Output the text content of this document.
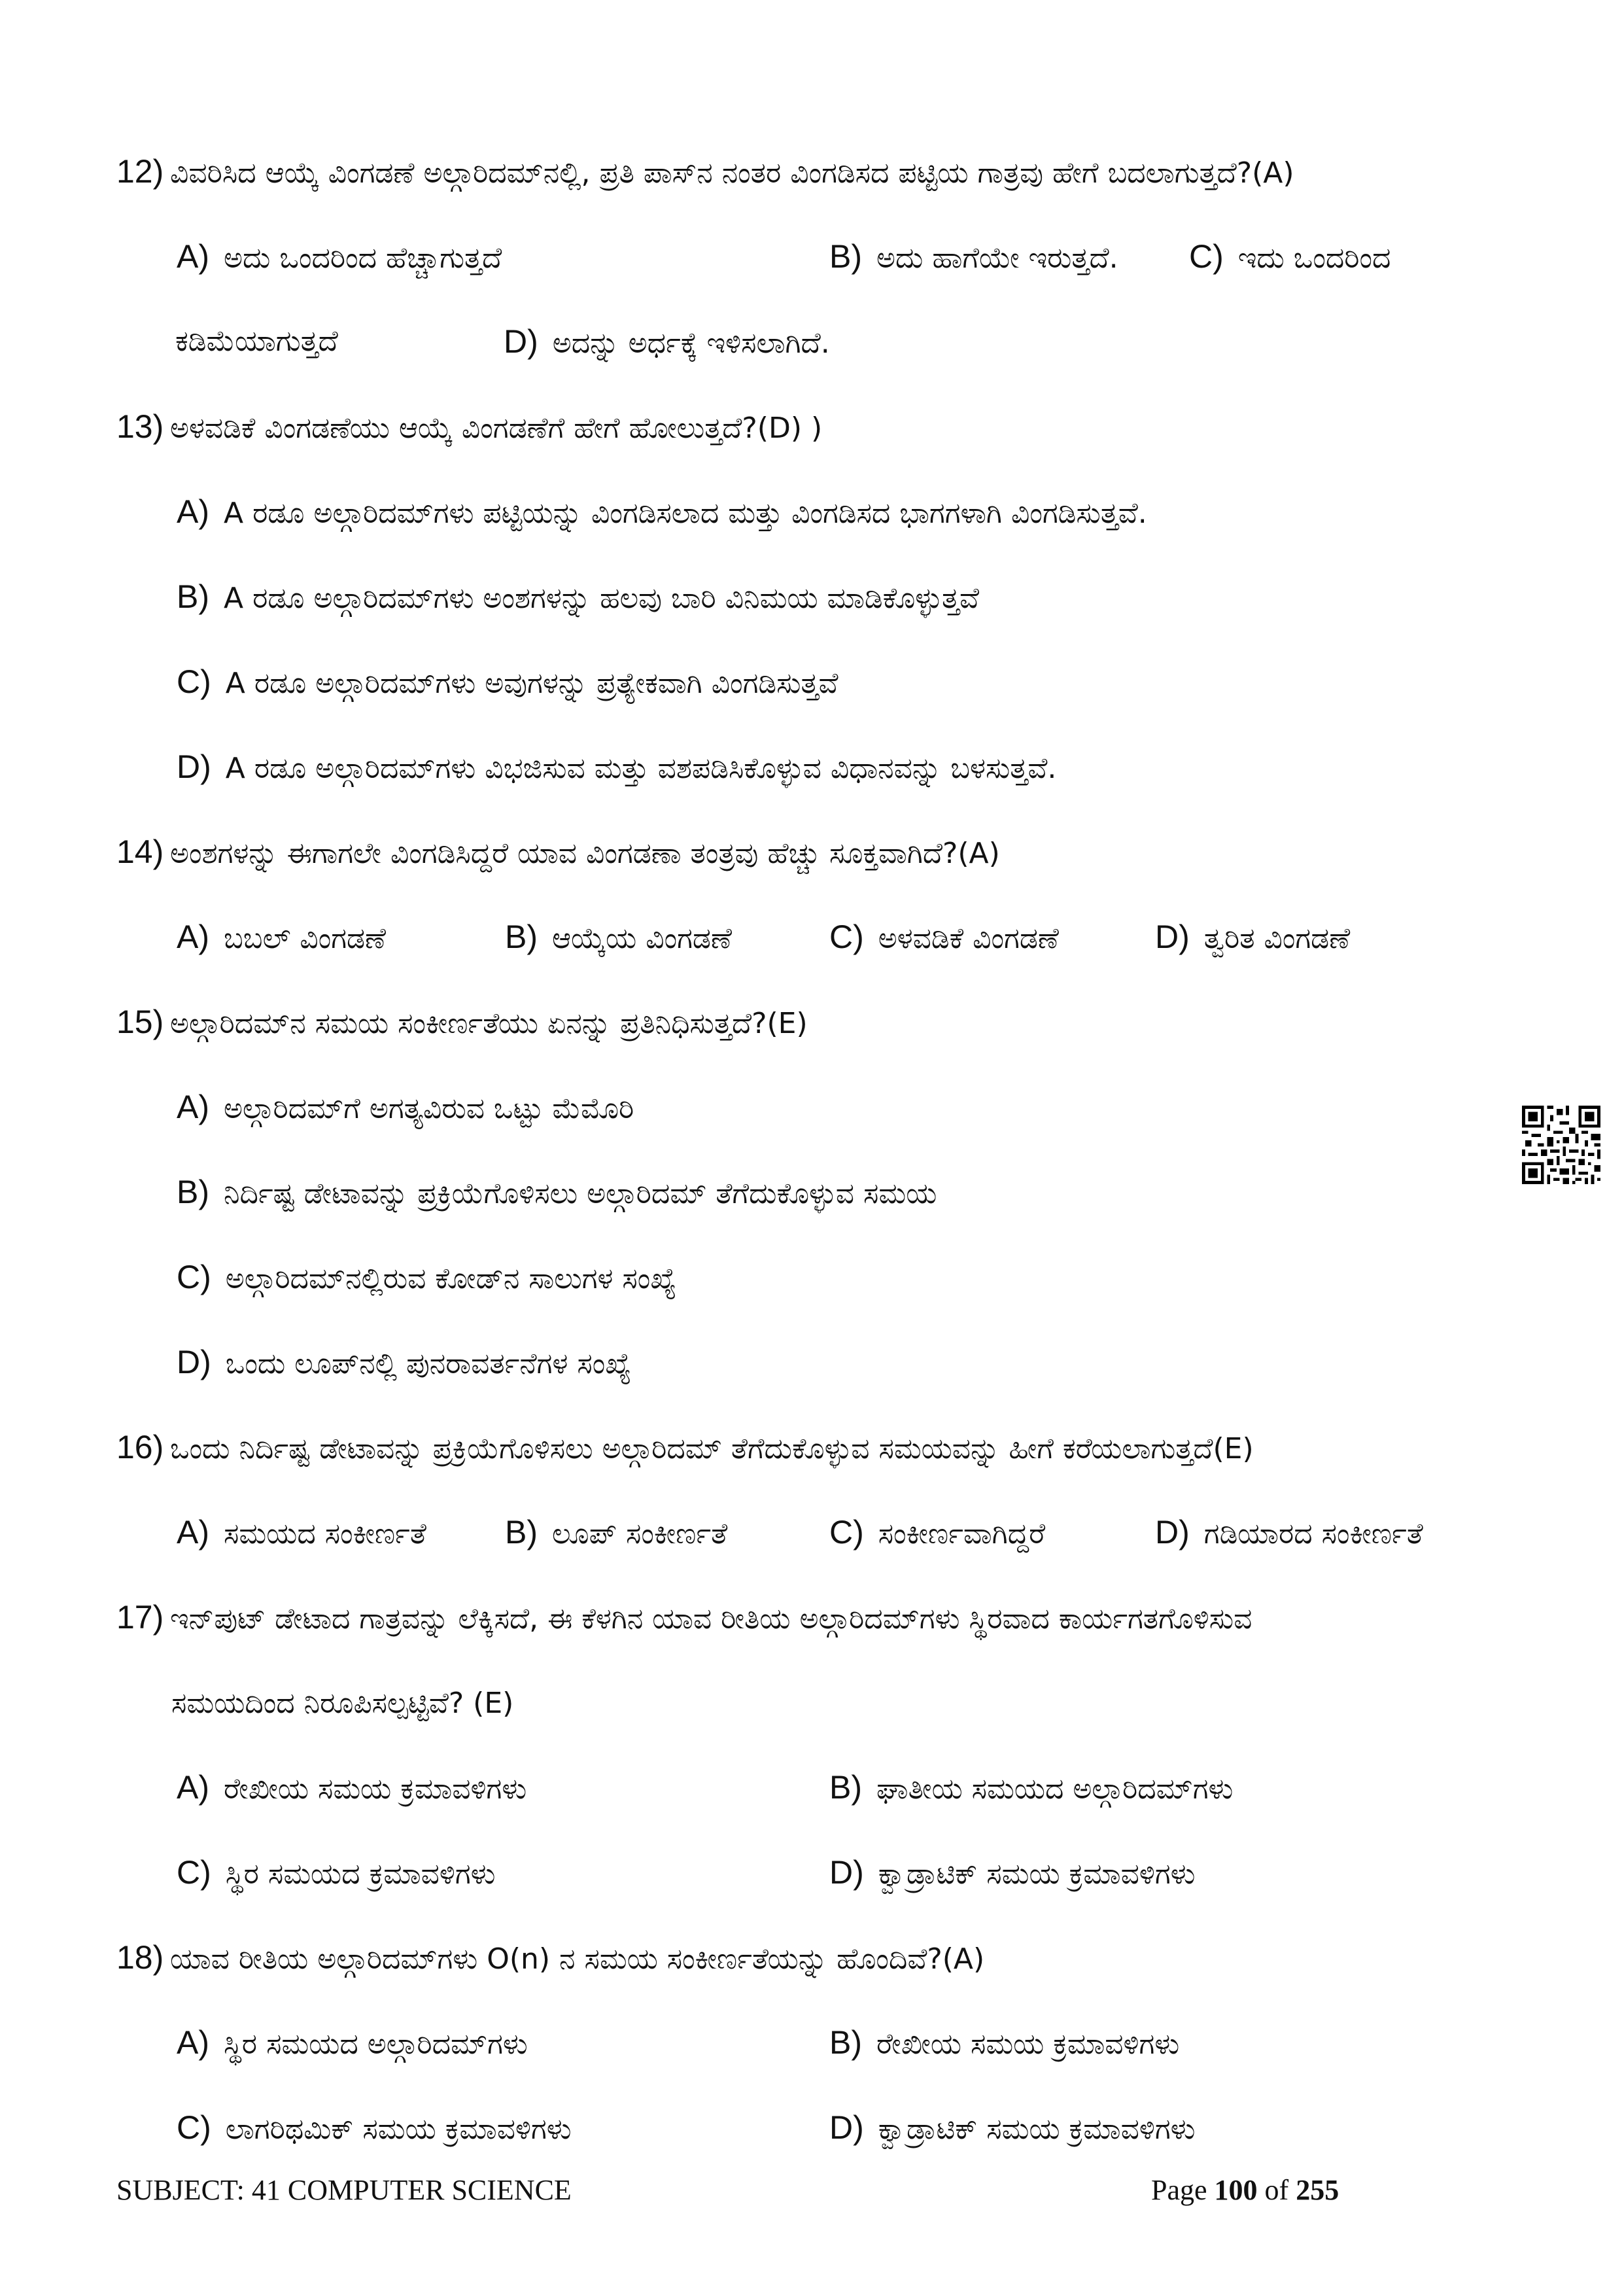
12) ವಿವರಿಸಿದ ಆಯ್ಕೆ ವಿಂಗಡಣೆ ಅಲ್ಗಾರಿದಮ್‌ನಲ್ಲಿ, ಪ್ರತಿ ಪಾಸ್‌ನ ನಂತರ ವಿಂಗಡಿಸದ ಪಟ್ಟಿಯ ಗಾತ್ರವು ಹೇಗೆ ಬದಲಾಗುತ್ತದೆ?(A)
A) ಅದು ಒಂದರಿಂದ ಹೆಚ್ಚಾಗುತ್ತದೆ	B) ಅದು ಹಾಗೆಯೇ ಇರುತ್ತದೆ. C) ಇದು ಒಂದರಿಂದ
ಕಡಿಮೆಯಾಗುತ್ತದೆ	D) ಅದನ್ನು ಅರ್ಧಕ್ಕೆ ಇಳಿಸಲಾಗಿದೆ.
13) ಅಳವಡಿಕೆ ವಿಂಗಡಣೆಯು ಆಯ್ಕೆ ವಿಂಗಡಣೆಗೆ ಹೇಗೆ ಹೋಲುತ್ತದೆ?(D) )
A) A ರಡೂ ಅಲ್ಗಾರಿದಮ್‌ಗಳು ಪಟ್ಟಿಯನ್ನು ವಿಂಗಡಿಸಲಾದ ಮತ್ತು ವಿಂಗಡಿಸದ ಭಾಗಗಳಾಗಿ ವಿಂಗಡಿಸುತ್ತವೆ.
B) A ರಡೂ ಅಲ್ಗಾರಿದಮ್‌ಗಳು ಅಂಶಗಳನ್ನು ಹಲವು ಬಾರಿ ವಿನಿಮಯ ಮಾಡಿಕೊಳ್ಳುತ್ತವೆ
C) A ರಡೂ ಅಲ್ಗಾರಿದಮ್‌ಗಳು ಅವುಗಳನ್ನು ಪ್ರತ್ಯೇಕವಾಗಿ ವಿಂಗಡಿಸುತ್ತವೆ
D) A ರಡೂ ಅಲ್ಗಾರಿದಮ್‌ಗಳು ವಿಭಜಿಸುವ ಮತ್ತು ವಶಪಡಿಸಿಕೊಳ್ಳುವ ವಿಧಾನವನ್ನು ಬಳಸುತ್ತವೆ.
14) ಅಂಶಗಳನ್ನು ಈಗಾಗಲೇ ವಿಂಗಡಿಸಿದ್ದರೆ ಯಾವ ವಿಂಗಡಣಾ ತಂತ್ರವು ಹೆಚ್ಚು ಸೂಕ್ತವಾಗಿದೆ?(A)
A) ಬಬಲ್ ವಿಂಗಡಣೆ	B) ಆಯ್ಕೆಯ ವಿಂಗಡಣೆ	C) ಅಳವಡಿಕೆ ವಿಂಗಡಣೆ	D) ತ್ವರಿತ ವಿಂಗಡಣೆ
15) ಅಲ್ಗಾರಿದಮ್‌ನ ಸಮಯ ಸಂಕೀರ್ಣತೆಯು ಏನನ್ನು ಪ್ರತಿನಿಧಿಸುತ್ತದೆ?(E)
A) ಅಲ್ಗಾರಿದಮ್‌ಗೆ ಅಗತ್ಯವಿರುವ ಒಟ್ಟು ಮೆಮೊರಿ
B) ನಿರ್ದಿಷ್ಟ ಡೇಟಾವನ್ನು ಪ್ರಕ್ರಿಯೆಗೊಳಿಸಲು ಅಲ್ಗಾರಿದಮ್ ತೆಗೆದುಕೊಳ್ಳುವ ಸಮಯ
C) ಅಲ್ಗಾರಿದಮ್‌ನಲ್ಲಿರುವ ಕೋಡ್‌ನ ಸಾಲುಗಳ ಸಂಖ್ಯೆ
D) ಒಂದು ಲೂಪ್‌ನಲ್ಲಿ ಪುನರಾವರ್ತನೆಗಳ ಸಂಖ್ಯೆ
16) ಒಂದು ನಿರ್ದಿಷ್ಟ ಡೇಟಾವನ್ನು ಪ್ರಕ್ರಿಯೆಗೊಳಿಸಲು ಅಲ್ಗಾರಿದಮ್ ತೆಗೆದುಕೊಳ್ಳುವ ಸಮಯವನ್ನು ಹೀಗೆ ಕರೆಯಲಾಗುತ್ತದೆ(E)
A) ಸಮಯದ ಸಂಕೀರ್ಣತೆ B) ಲೂಪ್ ಸಂಕೀರ್ಣತೆ	C) ಸಂಕೀರ್ಣವಾಗಿದ್ದರೆ	D) ಗಡಿಯಾರದ ಸಂಕೀರ್ಣತೆ
17) ಇನ್‌ಪುಟ್ ಡೇಟಾದ ಗಾತ್ರವನ್ನು ಲೆಕ್ಕಿಸದೆ, ಈ ಕೆಳಗಿನ ಯಾವ ರೀತಿಯ ಅಲ್ಗಾರಿದಮ್‌ಗಳು ಸ್ಥಿರವಾದ ಕಾರ್ಯಗತಗೊಳಿಸುವ
ಸಮಯದಿಂದ ನಿರೂಪಿಸಲ್ಪಟ್ಟಿವೆ? (E)
A) ರೇಖೀಯ ಸಮಯ ಕ್ರಮಾವಳಿಗಳು	B) ಘಾತೀಯ ಸಮಯದ ಅಲ್ಗಾರಿದಮ್‌ಗಳು
C) ಸ್ಥಿರ ಸಮಯದ ಕ್ರಮಾವಳಿಗಳು	D) ಕ್ವಾಡ್ರಾಟಿಕ್ ಸಮಯ ಕ್ರಮಾವಳಿಗಳು
18) ಯಾವ ರೀತಿಯ ಅಲ್ಗಾರಿದಮ್‌ಗಳು O(n) ನ ಸಮಯ ಸಂಕೀರ್ಣತೆಯನ್ನು ಹೊಂದಿವೆ?(A)
A) ಸ್ಥಿರ ಸಮಯದ ಅಲ್ಗಾರಿದಮ್‌ಗಳು	B) ರೇಖೀಯ ಸಮಯ ಕ್ರಮಾವಳಿಗಳು
C) ಲಾಗರಿಥಮಿಕ್ ಸಮಯ ಕ್ರಮಾವಳಿಗಳು	D) ಕ್ವಾಡ್ರಾಟಿಕ್ ಸಮಯ ಕ್ರಮಾವಳಿಗಳು
SUBJECT: 41 COMPUTER SCIENCE	Page 100 of 255
